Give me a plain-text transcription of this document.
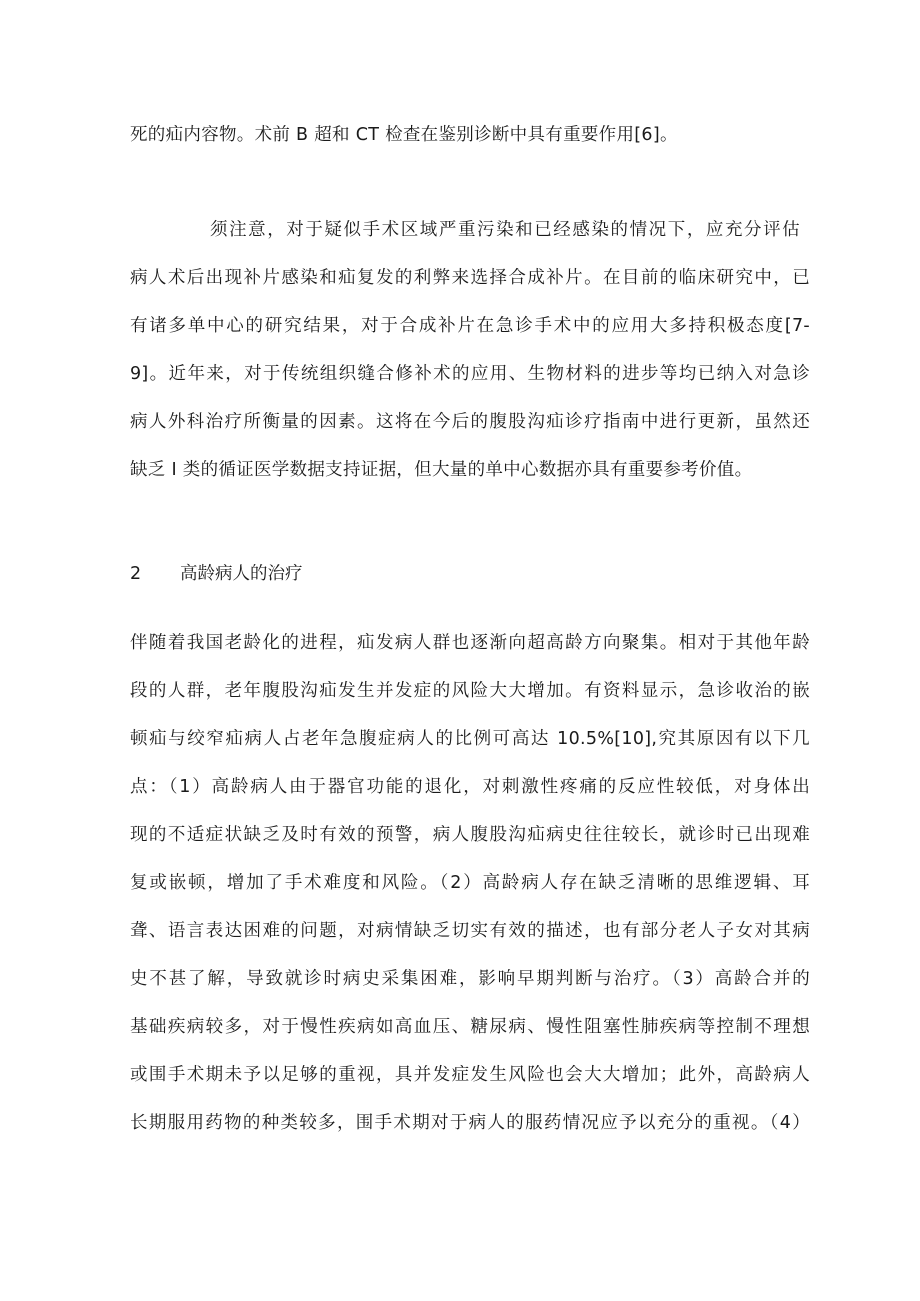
死的疝内容物。术前 B 超和 CT 检查在鉴别诊断中具有重要作用[6]。
须注意，对于疑似手术区域严重污染和已经感染的情况下，应充分评估
病人术后出现补片感染和疝复发的利弊来选择合成补片。在目前的临床研究中，已
有诸多单中心的研究结果，对于合成补片在急诊手术中的应用大多持积极态度[7-
9]。近年来，对于传统组织缝合修补术的应用、生物材料的进步等均已纳入对急诊
病人外科治疗所衡量的因素。这将在今后的腹股沟疝诊疗指南中进行更新，虽然还
缺乏 I 类的循证医学数据支持证据，但大量的单中心数据亦具有重要参考价值。
2 高龄病人的治疗
伴随着我国老龄化的进程，疝发病人群也逐渐向超高龄方向聚集。相对于其他年龄
段的人群，老年腹股沟疝发生并发症的风险大大增加。有资料显示，急诊收治的嵌
顿疝与绞窄疝病人占老年急腹症病人的比例可高达 10.5%[10],究其原因有以下几
点：（1）高龄病人由于器官功能的退化，对刺激性疼痛的反应性较低，对身体出
现的不适症状缺乏及时有效的预警，病人腹股沟疝病史往往较长，就诊时已出现难
复或嵌顿，增加了手术难度和风险。（2）高龄病人存在缺乏清晰的思维逻辑、耳
聋、语言表达困难的问题，对病情缺乏切实有效的描述，也有部分老人子女对其病
史不甚了解，导致就诊时病史采集困难，影响早期判断与治疗。（3）高龄合并的
基础疾病较多，对于慢性疾病如高血压、糖尿病、慢性阻塞性肺疾病等控制不理想
或围手术期未予以足够的重视，具并发症发生风险也会大大增加；此外，高龄病人
长期服用药物的种类较多，围手术期对于病人的服药情况应予以充分的重视。（4）
